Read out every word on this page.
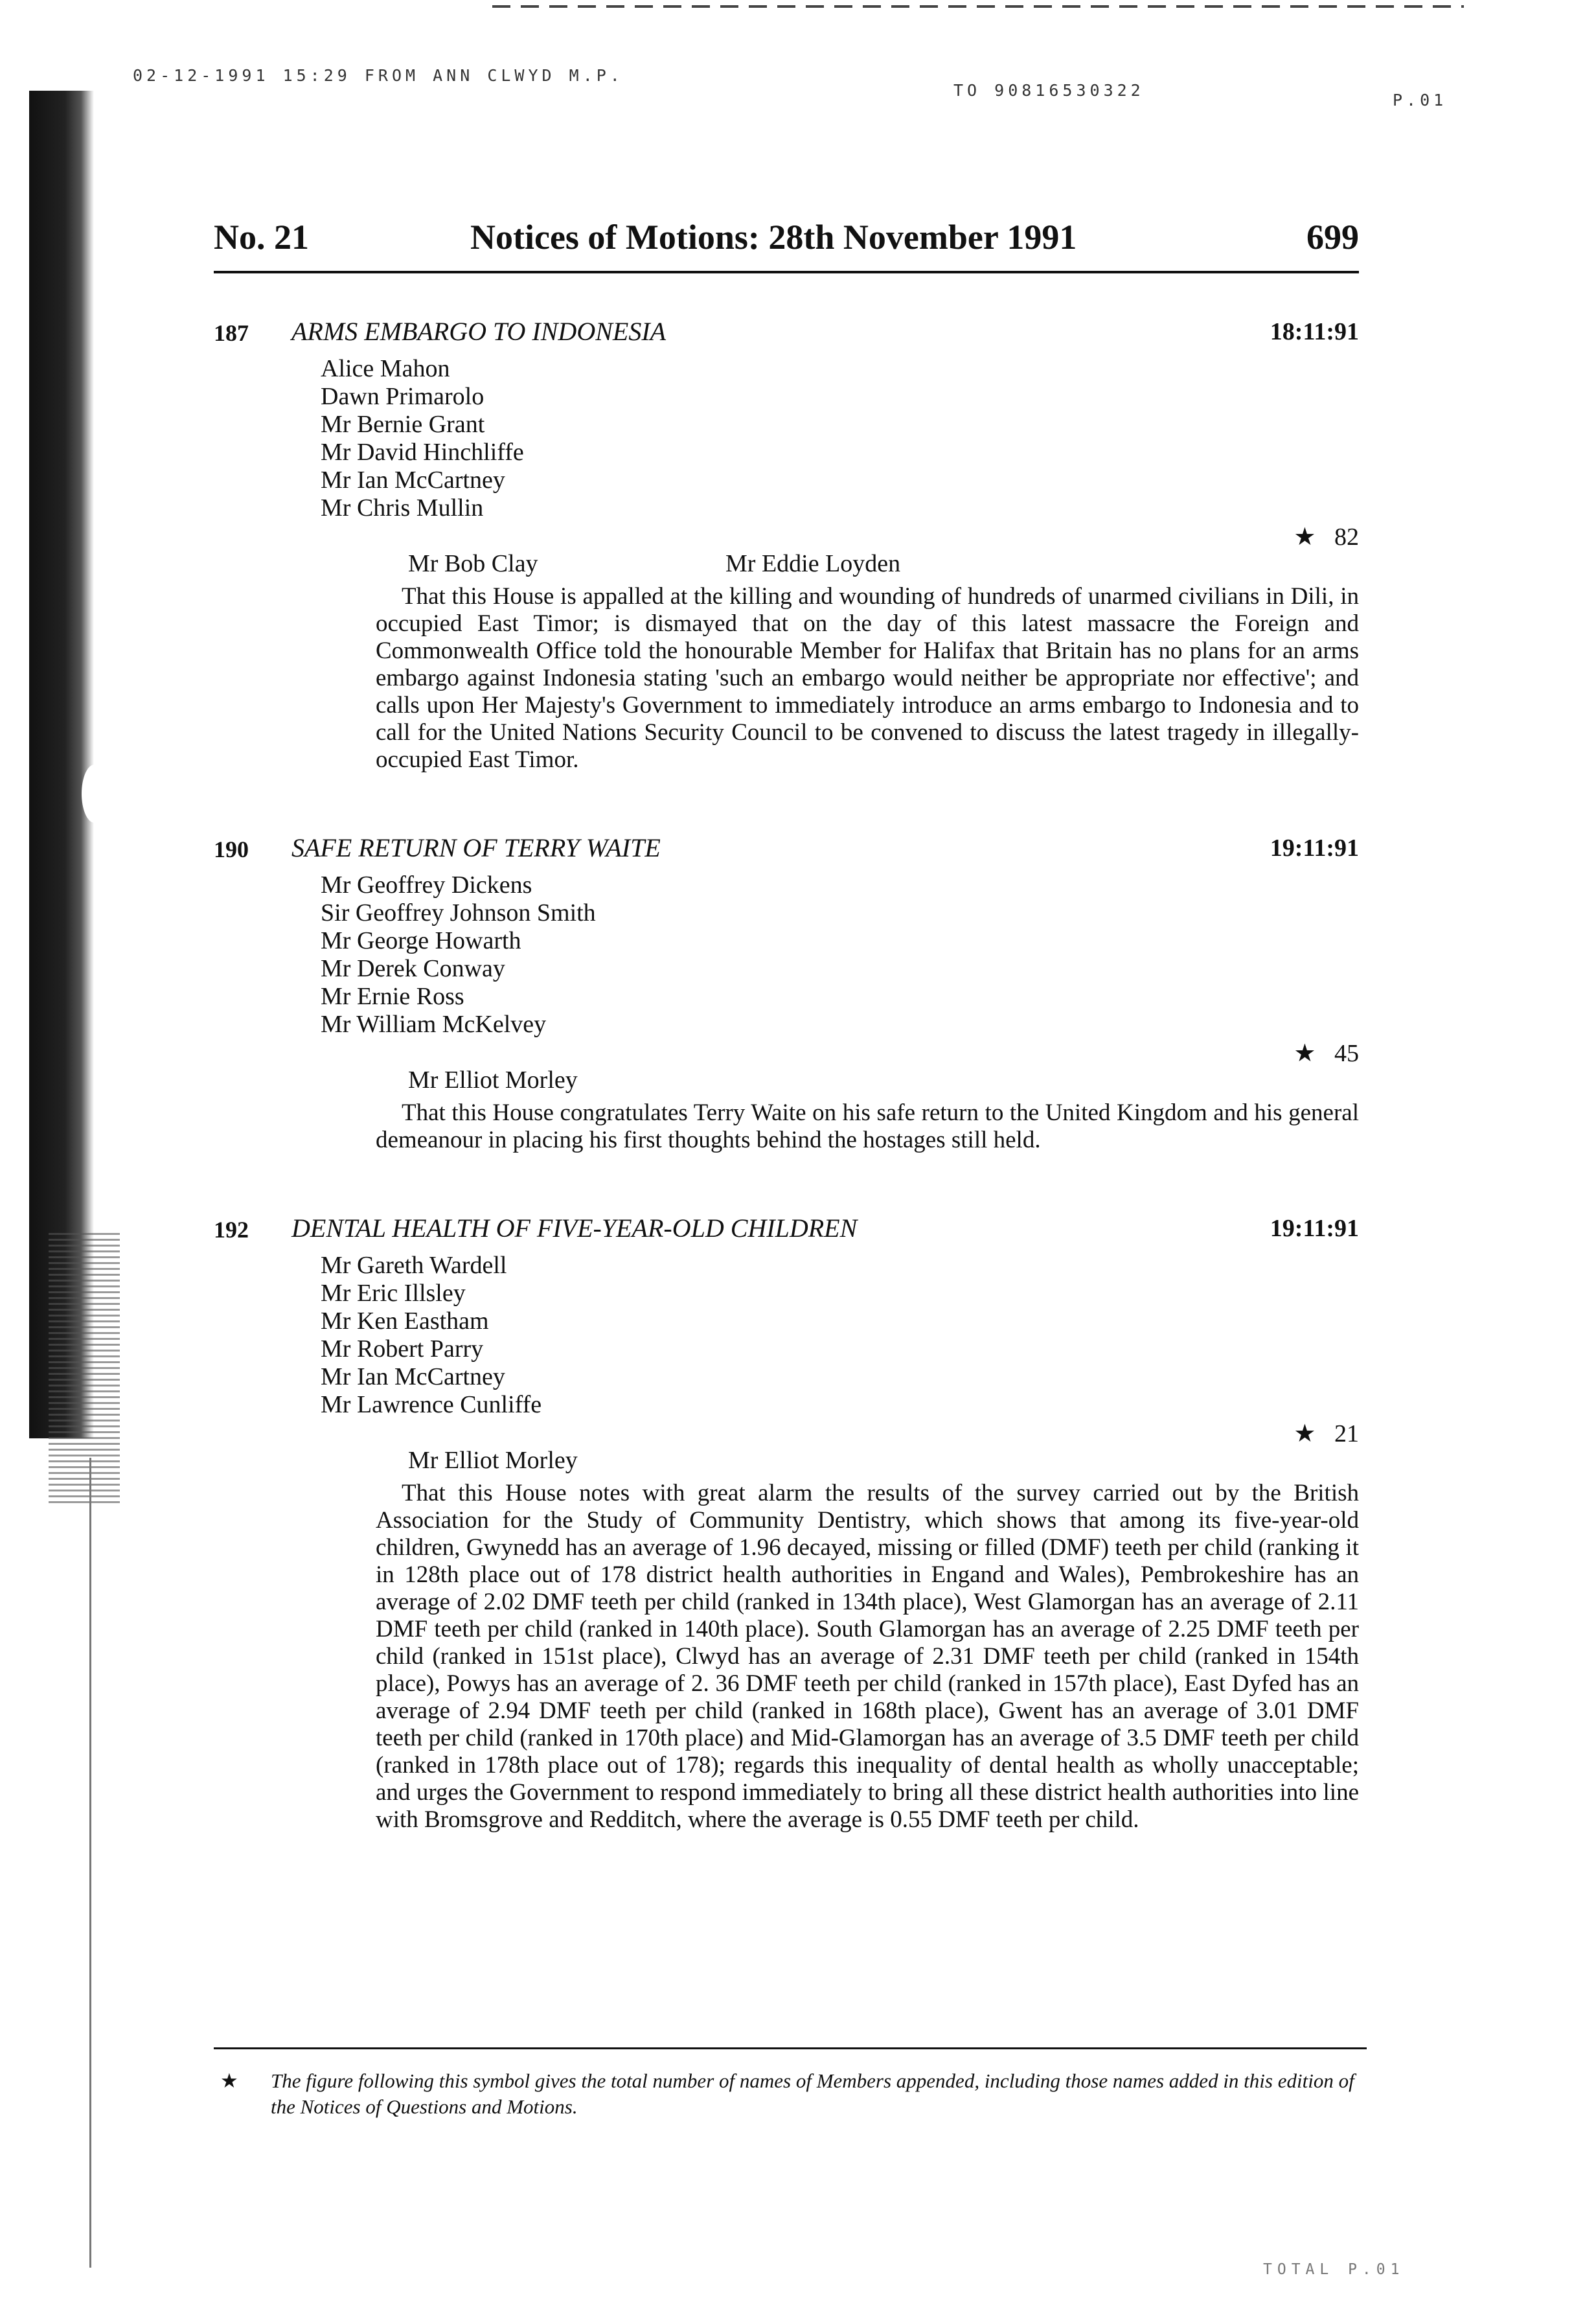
02-12-1991 15:29 FROM ANN CLWYD M.P.
TO 90816530322
P.01
No. 21	Notices of Motions: 28th November 1991	699
187 ARMS EMBARGO TO INDONESIA	18:11:91
Alice Mahon
Dawn Primarolo
Mr Bernie Grant
Mr David Hinchliffe
Mr Ian McCartney
Mr Chris Mullin
★   82
Mr Bob Clay	Mr Eddie Loyden

That this House is appalled at the killing and wounding of hundreds of unarmed civilians in Dili, in occupied East Timor; is dismayed that on the day of this latest massacre the Foreign and Commonwealth Office told the honourable Member for Halifax that Britain has no plans for an arms embargo against Indonesia stating 'such an embargo would neither be appropriate nor effective'; and calls upon Her Majesty's Government to immediately introduce an arms embargo to Indonesia and to call for the United Nations Security Council to be convened to discuss the latest tragedy in illegally-occupied East Timor.

190 SAFE RETURN OF TERRY WAITE	19:11:91
Mr Geoffrey Dickens
Sir Geoffrey Johnson Smith
Mr George Howarth
Mr Derek Conway
Mr Ernie Ross
Mr William McKelvey
★   45
Mr Elliot Morley

That this House congratulates Terry Waite on his safe return to the United Kingdom and his general demeanour in placing his first thoughts behind the hostages still held.

192 DENTAL HEALTH OF FIVE-YEAR-OLD CHILDREN	19:11:91
Mr Gareth Wardell
Mr Eric Illsley
Mr Ken Eastham
Mr Robert Parry
Mr Ian McCartney
Mr Lawrence Cunliffe
★   21
Mr Elliot Morley

That this House notes with great alarm the results of the survey carried out by the British Association for the Study of Community Dentistry, which shows that among its five-year-old children, Gwynedd has an average of 1.96 decayed, missing or filled (DMF) teeth per child (ranking it in 128th place out of 178 district health authorities in Engand and Wales), Pembrokeshire has an average of 2.02 DMF teeth per child (ranked in 134th place), West Glamorgan has an average of 2.11 DMF teeth per child (ranked in 140th place). South Glamorgan has an average of 2.25 DMF teeth per child (ranked in 151st place), Clwyd has an average of 2.31 DMF teeth per child (ranked in 154th place), Powys has an average of 2. 36 DMF teeth per child (ranked in 157th place), East Dyfed has an average of 2.94 DMF teeth per child (ranked in 168th place), Gwent has an average of 3.01 DMF teeth per child (ranked in 170th place) and Mid-Glamorgan has an average of 3.5 DMF teeth per child (ranked in 178th place out of 178); regards this inequality of dental health as wholly unacceptable; and urges the Government to respond immediately to bring all these district health authorities into line with Bromsgrove and Redditch, where the average is 0.55 DMF teeth per child.

★ The figure following this symbol gives the total number of names of Members appended, including those names added in this edition of the Notices of Questions and Motions.
TOTAL P.01
